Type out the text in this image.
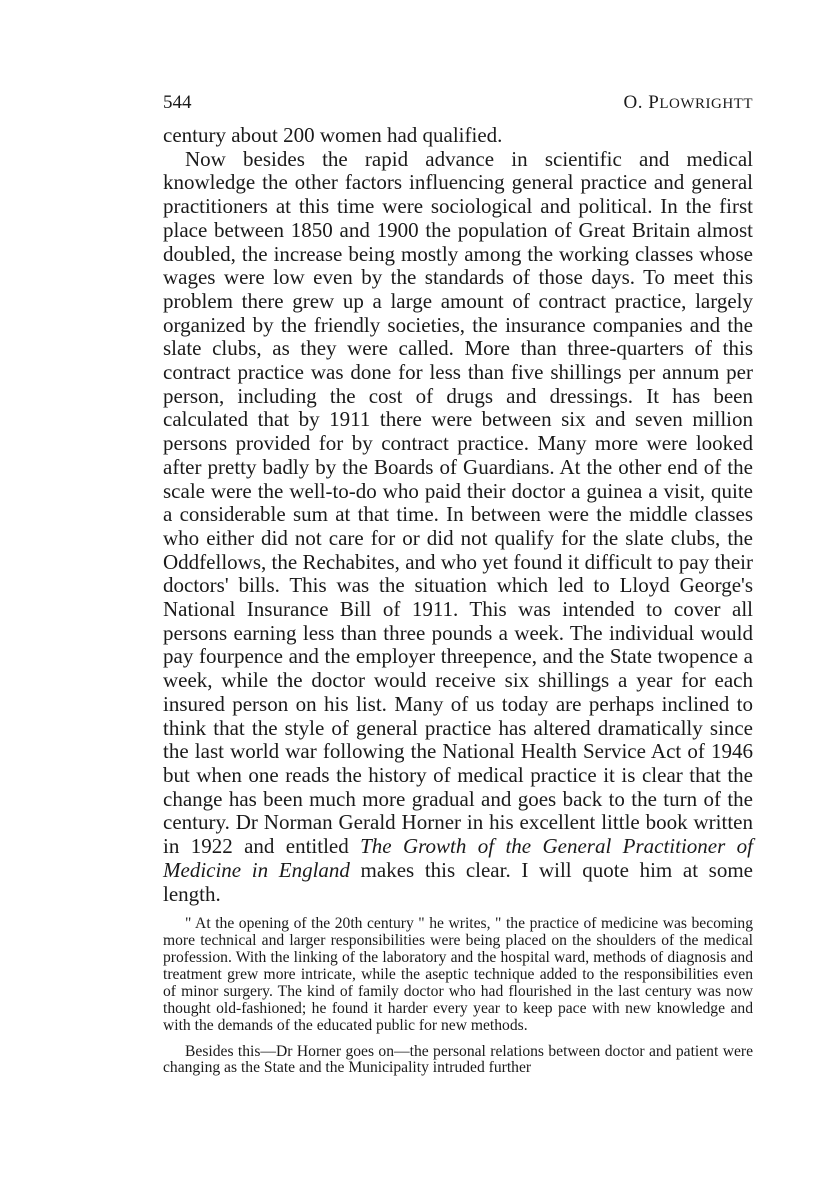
544	O. PLOWRIGHTT

century about 200 women had qualified.

Now besides the rapid advance in scientific and medical knowledge the other factors influencing general practice and general practitioners at this time were sociological and political. In the first place between 1850 and 1900 the population of Great Britain almost doubled, the increase being mostly among the working classes whose wages were low even by the standards of those days. To meet this problem there grew up a large amount of contract practice, largely organized by the friendly societies, the insurance companies and the slate clubs, as they were called. More than three-quarters of this contract practice was done for less than five shillings per annum per person, including the cost of drugs and dressings. It has been calculated that by 1911 there were between six and seven million persons provided for by contract practice. Many more were looked after pretty badly by the Boards of Guardians. At the other end of the scale were the well-to-do who paid their doctor a guinea a visit, quite a considerable sum at that time. In between were the middle classes who either did not care for or did not qualify for the slate clubs, the Oddfellows, the Rechabites, and who yet found it difficult to pay their doctors' bills. This was the situation which led to Lloyd George's National Insurance Bill of 1911. This was intended to cover all persons earning less than three pounds a week. The individual would pay fourpence and the employer threepence, and the State twopence a week, while the doctor would receive six shillings a year for each insured person on his list. Many of us today are perhaps inclined to think that the style of general practice has altered dramatically since the last world war following the National Health Service Act of 1946 but when one reads the history of medical practice it is clear that the change has been much more gradual and goes back to the turn of the century. Dr Norman Gerald Horner in his excellent little book written in 1922 and entitled The Growth of the General Practitioner of Medicine in England makes this clear. I will quote him at some length.

" At the opening of the 20th century " he writes, " the practice of medicine was becoming more technical and larger responsibilities were being placed on the shoulders of the medical profession. With the linking of the laboratory and the hospital ward, methods of diagnosis and treatment grew more intricate, while the aseptic technique added to the responsibilities even of minor surgery. The kind of family doctor who had flourished in the last century was now thought old-fashioned; he found it harder every year to keep pace with new knowledge and with the demands of the educated public for new methods.

Besides this—Dr Horner goes on—the personal relations between doctor and patient were changing as the State and the Municipality intruded further
